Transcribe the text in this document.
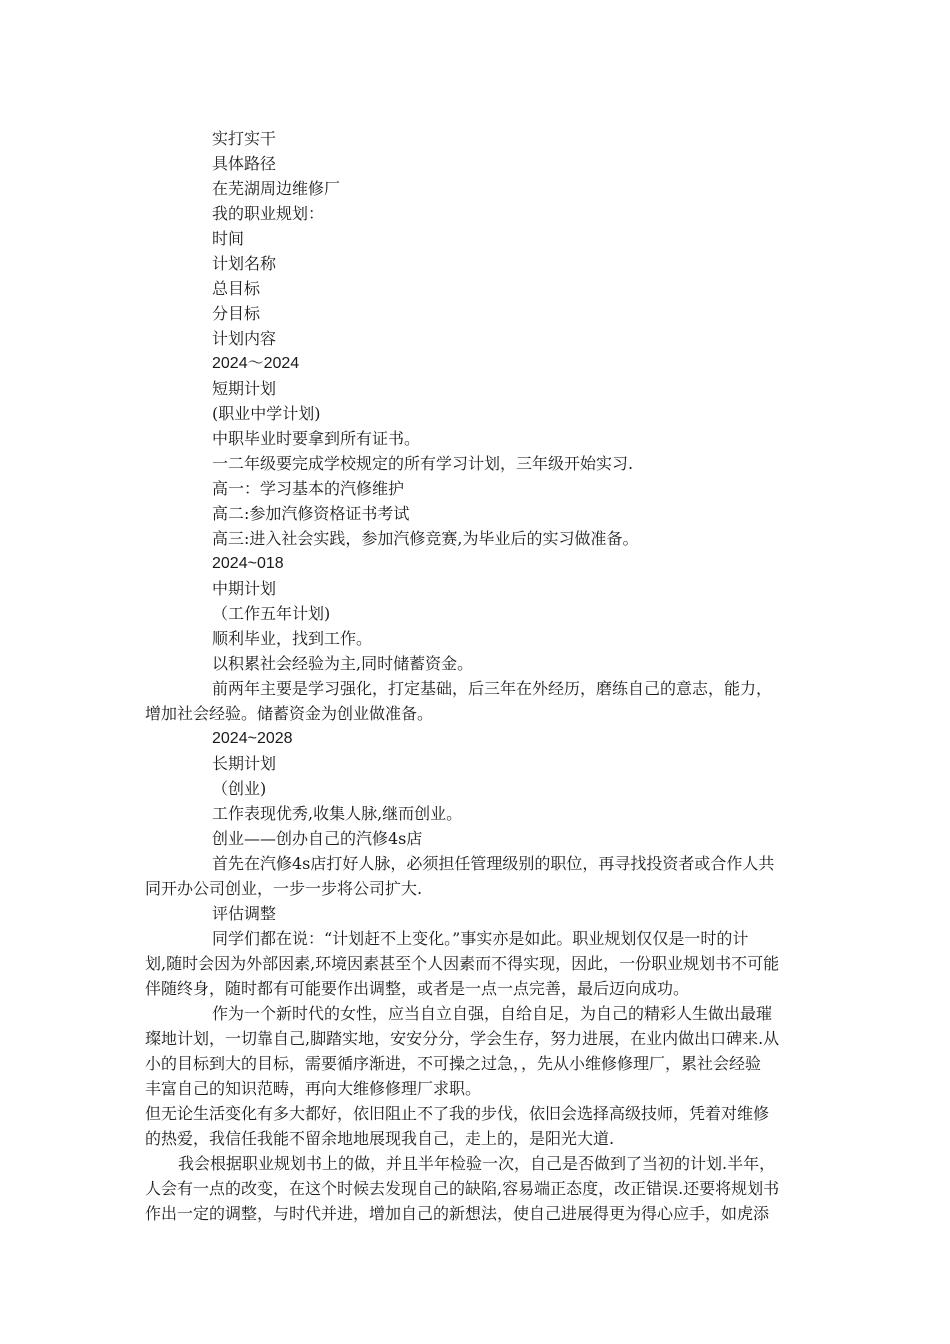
实打实干
具体路径
在芜湖周边维修厂
我的职业规划：
时间
计划名称
总目标
分目标
计划内容
2024～2024
短期计划
(职业中学计划)
中职毕业时要拿到所有证书。
一二年级要完成学校规定的所有学习计划，三年级开始实习.
高一：学习基本的汽修维护
高二:参加汽修资格证书考试
高三:进入社会实践，参加汽修竞赛,为毕业后的实习做准备。
2024~018
中期计划
（工作五年计划)
顺利毕业，找到工作。
以积累社会经验为主,同时储蓄资金。
前两年主要是学习强化，打定基础，后三年在外经历，磨练自己的意志，能力，
增加社会经验。储蓄资金为创业做准备。
2024~2028
长期计划
（创业)
工作表现优秀,收集人脉,继而创业。
创业——创办自己的汽修4s店
首先在汽修4s店打好人脉，必须担任管理级别的职位，再寻找投资者或合作人共
同开办公司创业，一步一步将公司扩大.
评估调整
同学们都在说：“计划赶不上变化。”事实亦是如此。职业规划仅仅是一时的计
划,随时会因为外部因素,环境因素甚至个人因素而不得实现，因此，一份职业规划书不可能
伴随终身，随时都有可能要作出调整，或者是一点一点完善，最后迈向成功。
作为一个新时代的女性，应当自立自强，自给自足，为自己的精彩人生做出最璀
璨地计划，一切靠自己,脚踏实地，安安分分，学会生存，努力进展，在业内做出口碑来.从
小的目标到大的目标，需要循序渐进，不可操之过急，，先从小维修修理厂，累社会经验
丰富自己的知识范畴，再向大维修修理厂求职。
但无论生活变化有多大都好，依旧阻止不了我的步伐，依旧会选择高级技师，凭着对维修
的热爱，我信任我能不留余地地展现我自己，走上的，是阳光大道.
我会根据职业规划书上的做，并且半年检验一次，自己是否做到了当初的计划.半年，
人会有一点的改变，在这个时候去发现自己的缺陷,容易端正态度，改正错误.还要将规划书
作出一定的调整，与时代并进，增加自己的新想法，使自己进展得更为得心应手，如虎添
